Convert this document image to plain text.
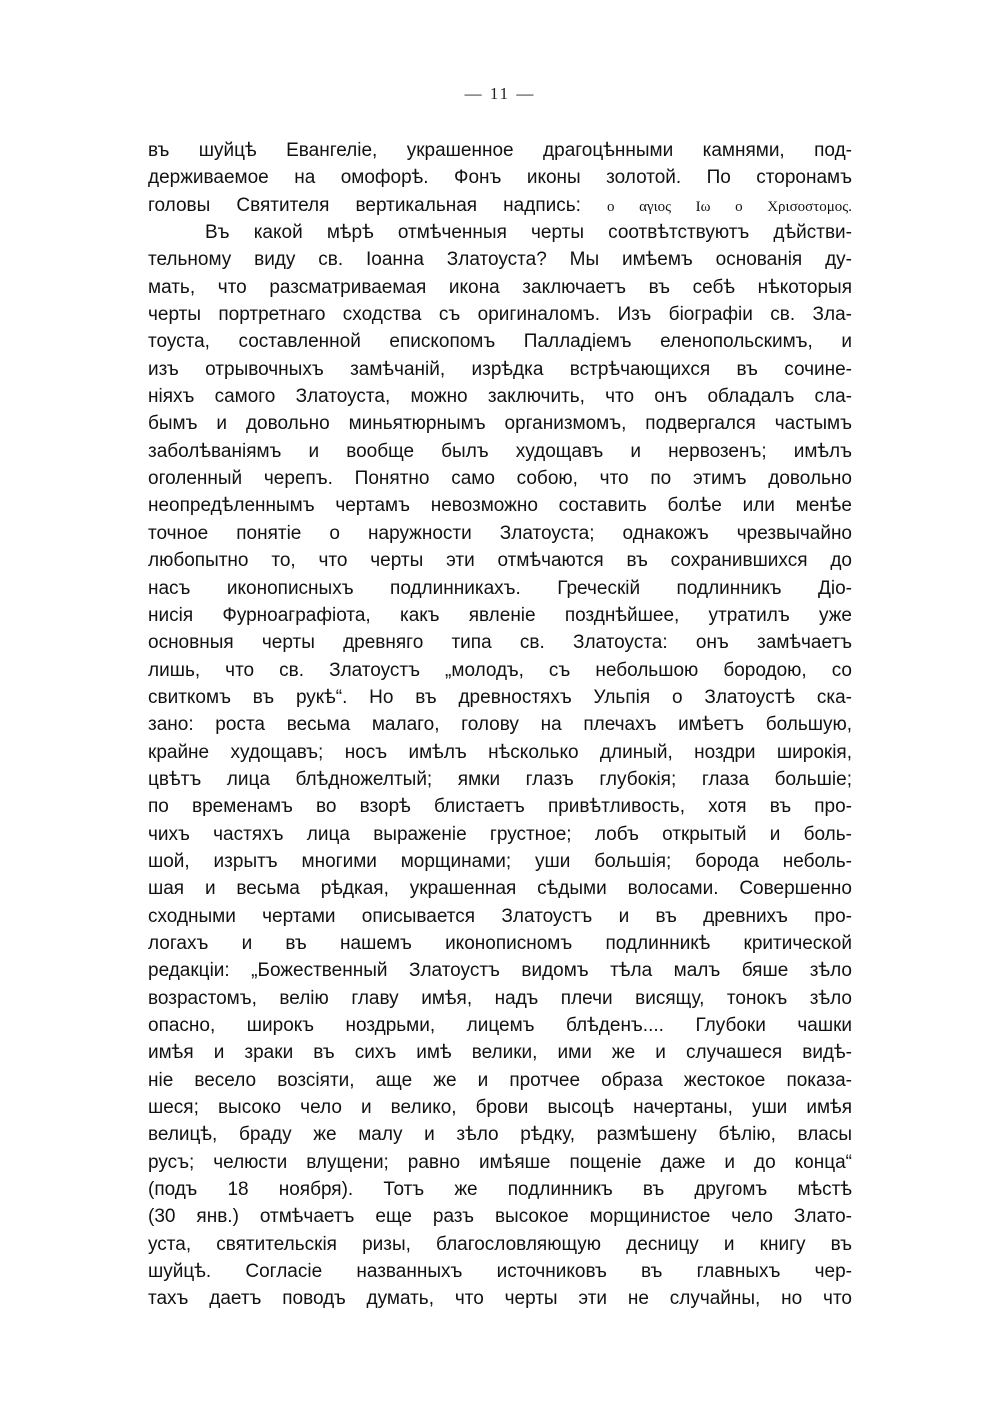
— 11 —
въ шуйцѣ Евангеліе, украшенное драгоцѣнными камнями, под-
держиваемое на омофорѣ. Фонъ иконы золотой. По сторонамъ
головы Святителя вертикальная надпись: ο αγιος Ιω ο Χρισοστομος.
Въ какой мѣрѣ отмѣченныя черты соотвѣтствуютъ дѣйстви-
тельному виду св. Іоанна Златоуста? Мы имѣемъ основанія ду-
мать, что разсматриваемая икона заключаетъ въ себѣ нѣкоторыя
черты портретнаго сходства съ оригиналомъ. Изъ біографіи св. Зла-
тоуста, составленной епископомъ Палладіемъ еленопольскимъ, и
изъ отрывочныхъ замѣчаній, изрѣдка встрѣчающихся въ сочине-
ніяхъ самого Златоуста, можно заключить, что онъ обладалъ сла-
бымъ и довольно миньятюрнымъ организмомъ, подвергался частымъ
заболѣваніямъ и вообще былъ худощавъ и нервозенъ; имѣлъ
оголенный черепъ. Понятно само собою, что по этимъ довольно
неопредѣленнымъ чертамъ невозможно составить болѣе или менѣе
точное понятіе о наружности Златоуста; однакожъ чрезвычайно
любопытно то, что черты эти отмѣчаются въ сохранившихся до
насъ иконописныхъ подлинникахъ. Греческій подлинникъ Діо-
нисія Фурноаграфіота, какъ явленіе позднѣйшее, утратилъ уже
основныя черты древняго типа св. Златоуста: онъ замѣчаетъ
лишь, что св. Златоустъ „молодъ, съ небольшою бородою, со
свиткомъ въ рукѣ“. Но въ древностяхъ Ульпія о Златоустѣ ска-
зано: роста весьма малаго, голову на плечахъ имѣетъ большую,
крайне худощавъ; носъ имѣлъ нѣсколько длиный, ноздри широкія,
цвѣтъ лица блѣдножелтый; ямки глазъ глубокія; глаза большіе;
по временамъ во взорѣ блистаетъ привѣтливость, хотя въ про-
чихъ частяхъ лица выраженіе грустное; лобъ открытый и боль-
шой, изрытъ многими морщинами; уши большія; борода неболь-
шая и весьма рѣдкая, украшенная сѣдыми волосами. Совершенно
сходными чертами описывается Златоустъ и въ древнихъ про-
логахъ и въ нашемъ иконописномъ подлинникѣ критической
редакціи: „Божественный Златоустъ видомъ тѣла малъ бяше зѣло
возрастомъ, велію главу имѣя, надъ плечи висящу, тонокъ зѣло
опасно, широкъ ноздрьми, лицемъ блѣденъ.... Глубоки чашки
имѣя и зраки въ сихъ имѣ велики, ими же и случашеся видѣ-
ніе весело возсіяти, аще же и протчее образа жестокое показа-
шеся; высоко чело и велико, брови высоцѣ начертаны, уши имѣя
велицѣ, браду же малу и зѣло рѣдку, размѣшену бѣлію, власы
русъ; челюсти влущени; равно имѣяше пощеніе даже и до конца“
(подъ 18 ноября). Тотъ же подлинникъ въ другомъ мѣстѣ
(30 янв.) отмѣчаетъ еще разъ высокое морщинистое чело Злато-
уста, святительскія ризы, благословляющую десницу и книгу въ
шуйцѣ. Согласіе названныхъ источниковъ въ главныхъ чер-
тахъ даетъ поводъ думать, что черты эти не случайны, но что
